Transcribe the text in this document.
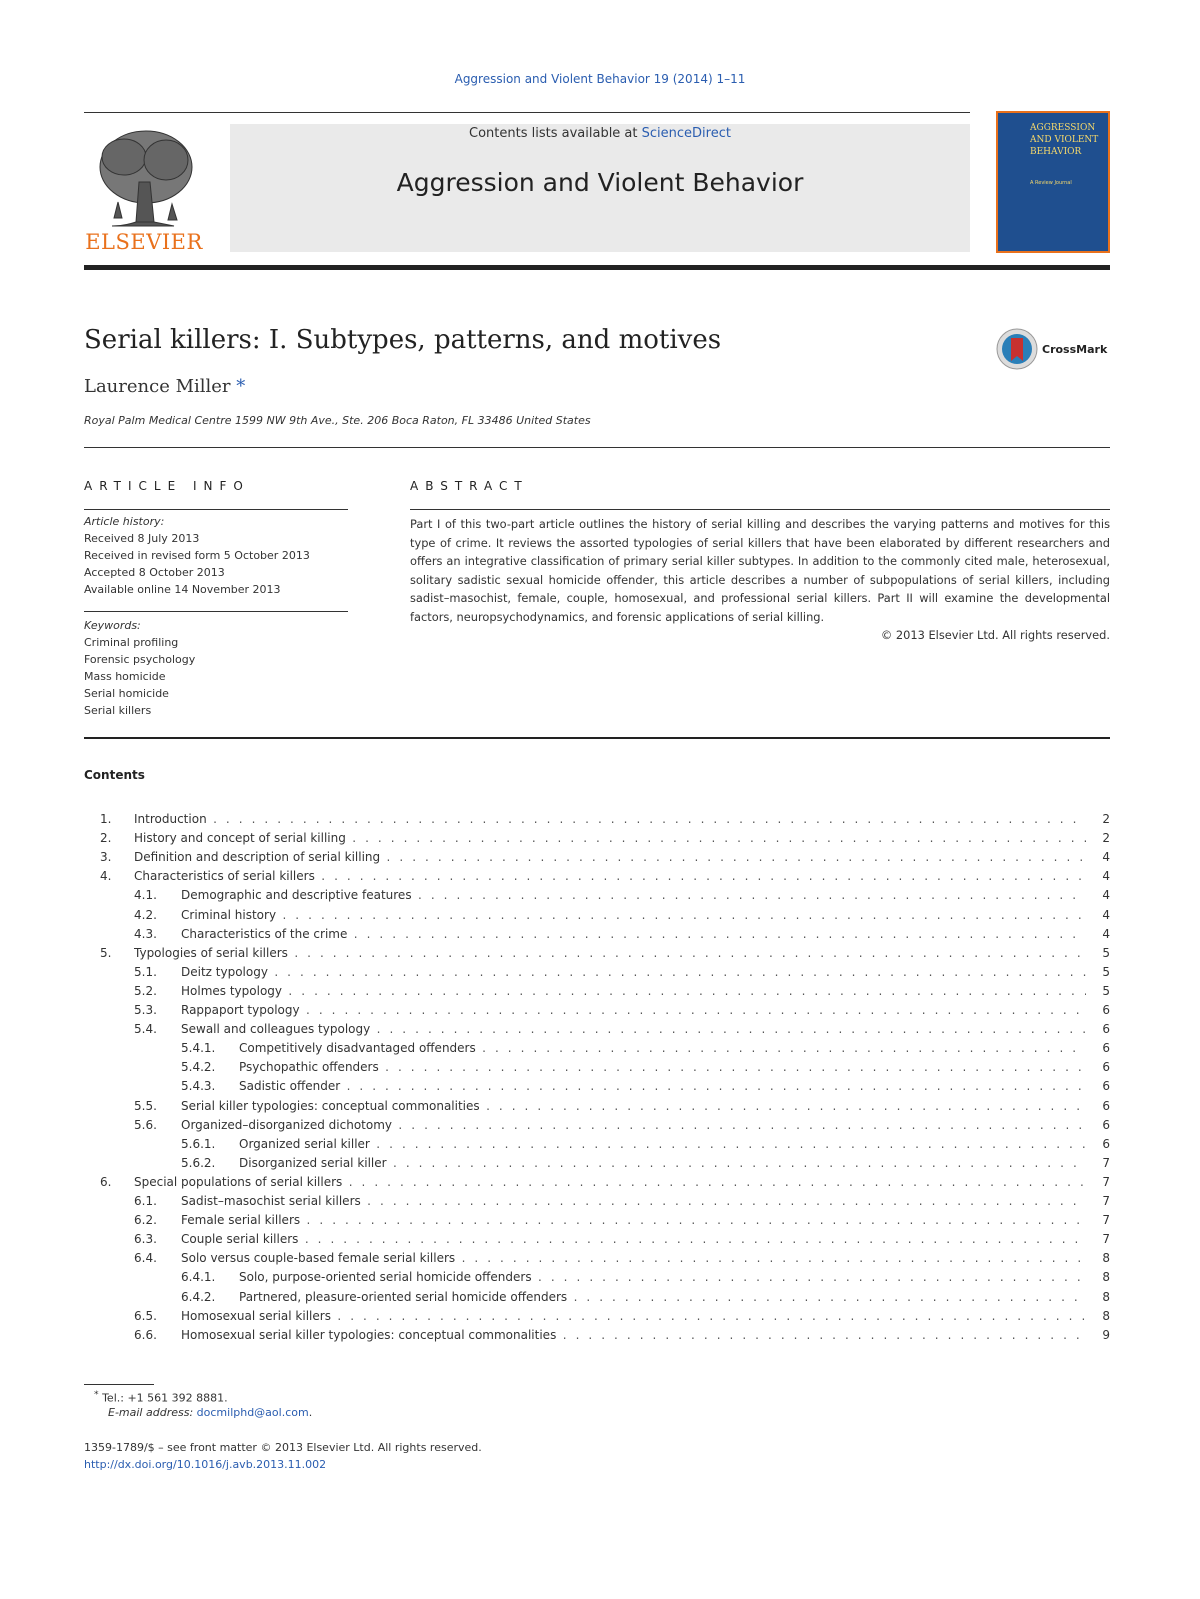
Aggression and Violent Behavior 19 (2014) 1–11
ELSEVIER
Contents lists available at ScienceDirect
Aggression and Violent Behavior
AGGRESSION AND VIOLENT BEHAVIOR
A Review Journal
Serial killers: I. Subtypes, patterns, and motives
Laurence Miller *
CrossMark
Royal Palm Medical Centre 1599 NW 9th Ave., Ste. 206 Boca Raton, FL 33486 United States
ARTICLE INFO
Article history:
Received 8 July 2013
Received in revised form 5 October 2013
Accepted 8 October 2013
Available online 14 November 2013
Keywords:
Criminal profiling
Forensic psychology
Mass homicide
Serial homicide
Serial killers
ABSTRACT

Part I of this two-part article outlines the history of serial killing and describes the varying patterns and motives for this type of crime. It reviews the assorted typologies of serial killers that have been elaborated by different researchers and offers an integrative classification of primary serial killer subtypes. In addition to the commonly cited male, heterosexual, solitary sadistic sexual homicide offender, this article describes a number of subpopulations of serial killers, including sadist–masochist, female, couple, homosexual, and professional serial killers. Part II will examine the developmental factors, neuropsychodynamics, and forensic applications of serial killing.

© 2013 Elsevier Ltd. All rights reserved.
Contents
1. Introduction . . .	2
2. History and concept of serial killing . . .	2
3. Definition and description of serial killing . . .	4
4. Characteristics of serial killers . . .	4
4.1. Demographic and descriptive features . . .	4
4.2. Criminal history . . .	4
4.3. Characteristics of the crime . . .	4
5. Typologies of serial killers . . .	5
5.1. Deitz typology . . .	5
5.2. Holmes typology . . .	5
5.3. Rappaport typology . . .	6
5.4. Sewall and colleagues typology . . .	6
5.4.1. Competitively disadvantaged offenders . . .	6
5.4.2. Psychopathic offenders . . .	6
5.4.3. Sadistic offender . . .	6
5.5. Serial killer typologies: conceptual commonalities . . .	6
5.6. Organized–disorganized dichotomy . . .	6
5.6.1. Organized serial killer . . .	6
5.6.2. Disorganized serial killer . . .	7
6. Special populations of serial killers . . .	7
6.1. Sadist–masochist serial killers . . .	7
6.2. Female serial killers . . .	7
6.3. Couple serial killers . . .	7
6.4. Solo versus couple-based female serial killers . . .	8
6.4.1. Solo, purpose-oriented serial homicide offenders . . .	8
6.4.2. Partnered, pleasure-oriented serial homicide offenders . . .	8
6.5. Homosexual serial killers . . .	8
6.6. Homosexual serial killer typologies: conceptual commonalities . . .	9
* Tel.: +1 561 392 8881.
E-mail address: docmilphd@aol.com.
1359-1789/$ – see front matter © 2013 Elsevier Ltd. All rights reserved.
http://dx.doi.org/10.1016/j.avb.2013.11.002
